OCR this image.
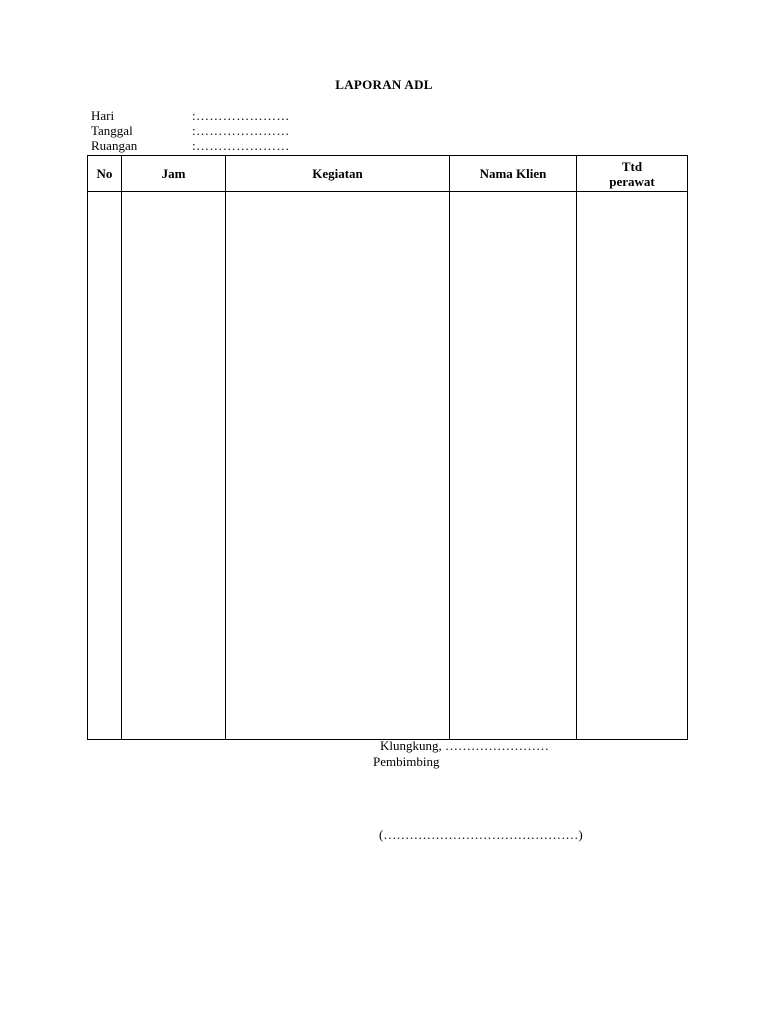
LAPORAN ADL
Hari	:…………………
Tanggal	:…………………
Ruangan	:…………………
No	Jam	Kegiatan	Nama Klien	Ttd
perawat

Klungkung, ……………………
Pembimbing
(………………………………………)
